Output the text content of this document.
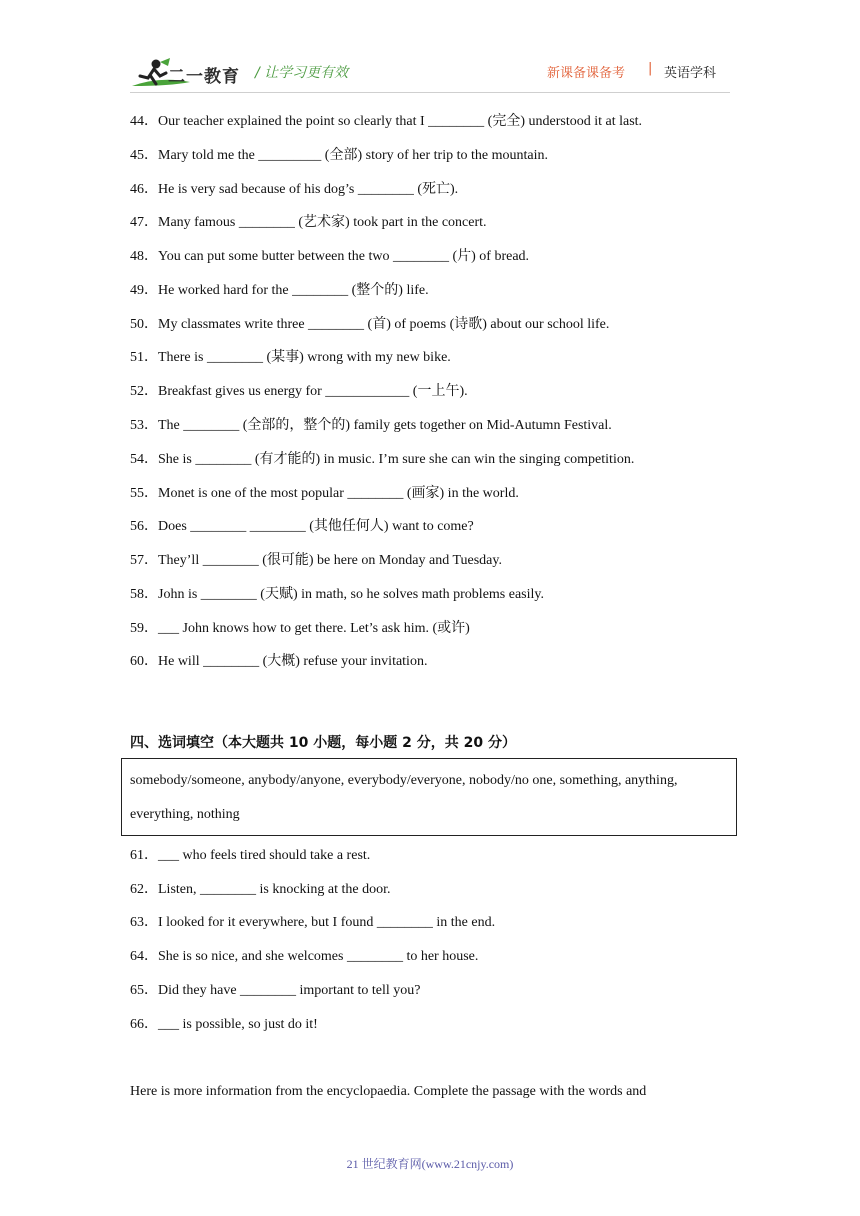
二一教育 / 让学习更有效	新课备课备考 | 英语学科
44．Our teacher explained the point so clearly that I ________ (完全) understood it at last.
45．Mary told me the _________ (全部) story of her trip to the mountain.
46．He is very sad because of his dog’s ________ (死亡).
47．Many famous ________ (艺术家) took part in the concert.
48．You can put some butter between the two ________ (片) of bread.
49．He worked hard for the ________ (整个的) life.
50．My classmates write three ________ (首) of poems (诗歌) about our school life.
51．There is ________ (某事) wrong with my new bike.
52．Breakfast gives us energy for ____________ (一上午).
53．The ________ (全部的，整个的) family gets together on Mid-Autumn Festival.
54．She is ________ (有才能的) in music. I’m sure she can win the singing competition.
55．Monet is one of the most popular ________ (画家) in the world.
56．Does ________ ________ (其他任何人) want to come?
57．They’ll ________ (很可能) be here on Monday and Tuesday.
58．John is ________ (天赋) in math, so he solves math problems easily.
59．___ John knows how to get there. Let’s ask him. (或许)
60．He will ________ (大概) refuse your invitation.
四、选词填空（本大题共 10 小题，每小题 2 分，共 20 分）
somebody/someone, anybody/anyone, everybody/everyone, nobody/no one, something, anything,
everything, nothing
61．___ who feels tired should take a rest.
62．Listen, ________ is knocking at the door.
63．I looked for it everywhere, but I found ________ in the end.
64．She is so nice, and she welcomes ________ to her house.
65．Did they have ________ important to tell you?
66．___ is possible, so just do it!
Here is more information from the encyclopaedia. Complete the passage with the words and
21 世纪教育网(www.21cnjy.com)
